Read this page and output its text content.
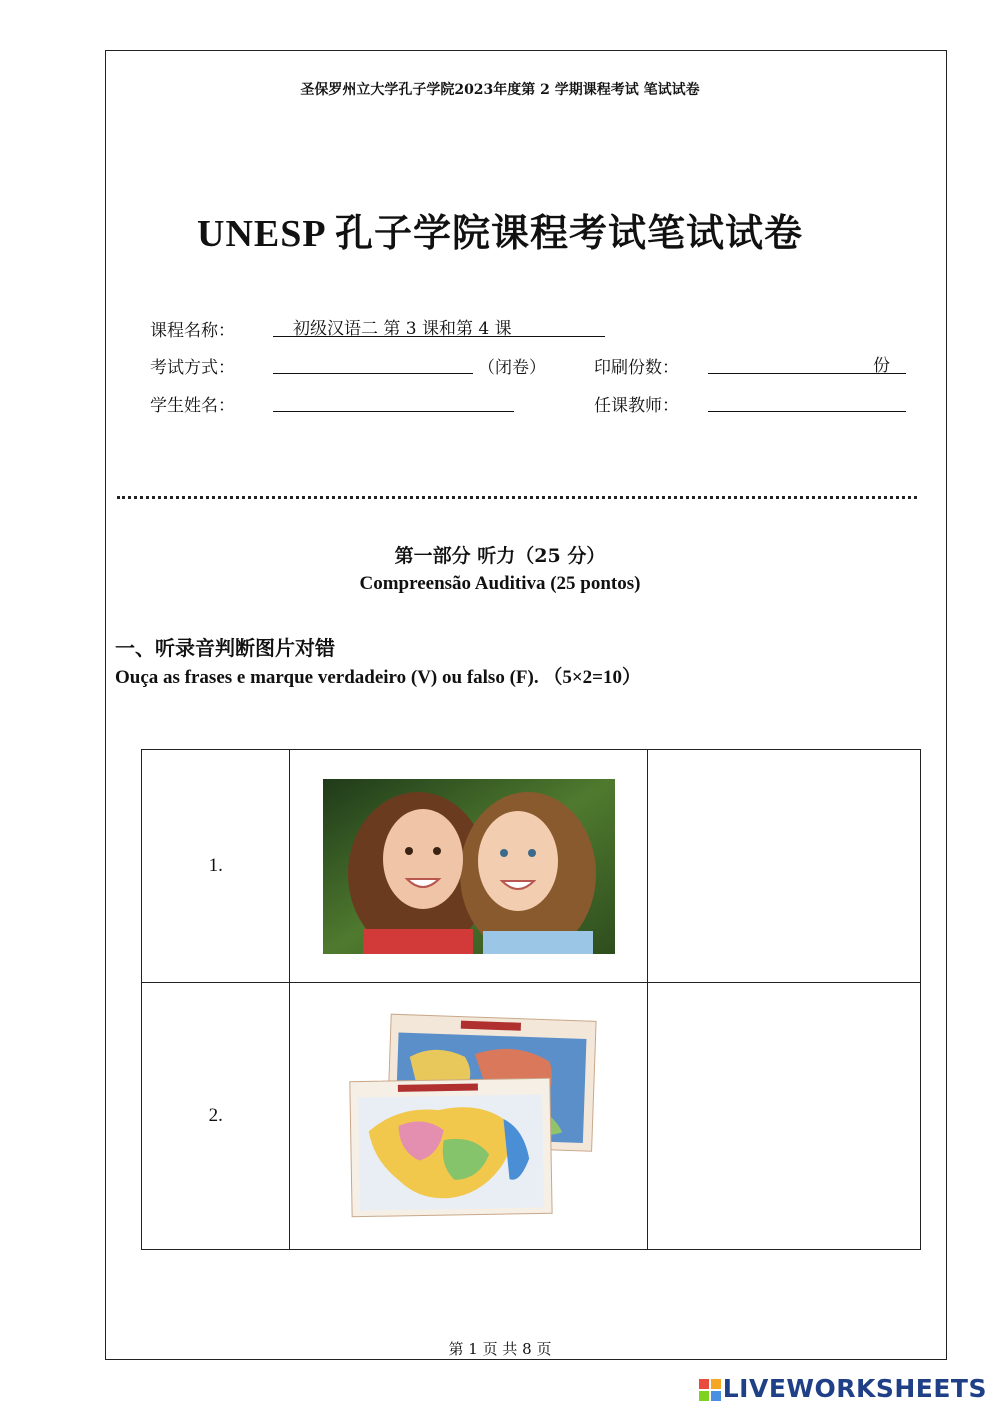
圣保罗州立大学孔子学院2023年度第 2 学期课程考试 笔试试卷
UNESP 孔子学院课程考试笔试试卷
课程名称：	初级汉语二 第 3 课和第 4 课
考试方式：	（闭卷）	印刷份数：	份
学生姓名：	任课教师：
第一部分 听力（25 分）
Compreensão Auditiva (25 pontos)
一、听录音判断图片对错
Ouça as frases e marque verdadeiro (V) ou falso (F). （5×2=10）
1.	

2.	

第 1 页 共 8 页
LIVEWORKSHEETS
